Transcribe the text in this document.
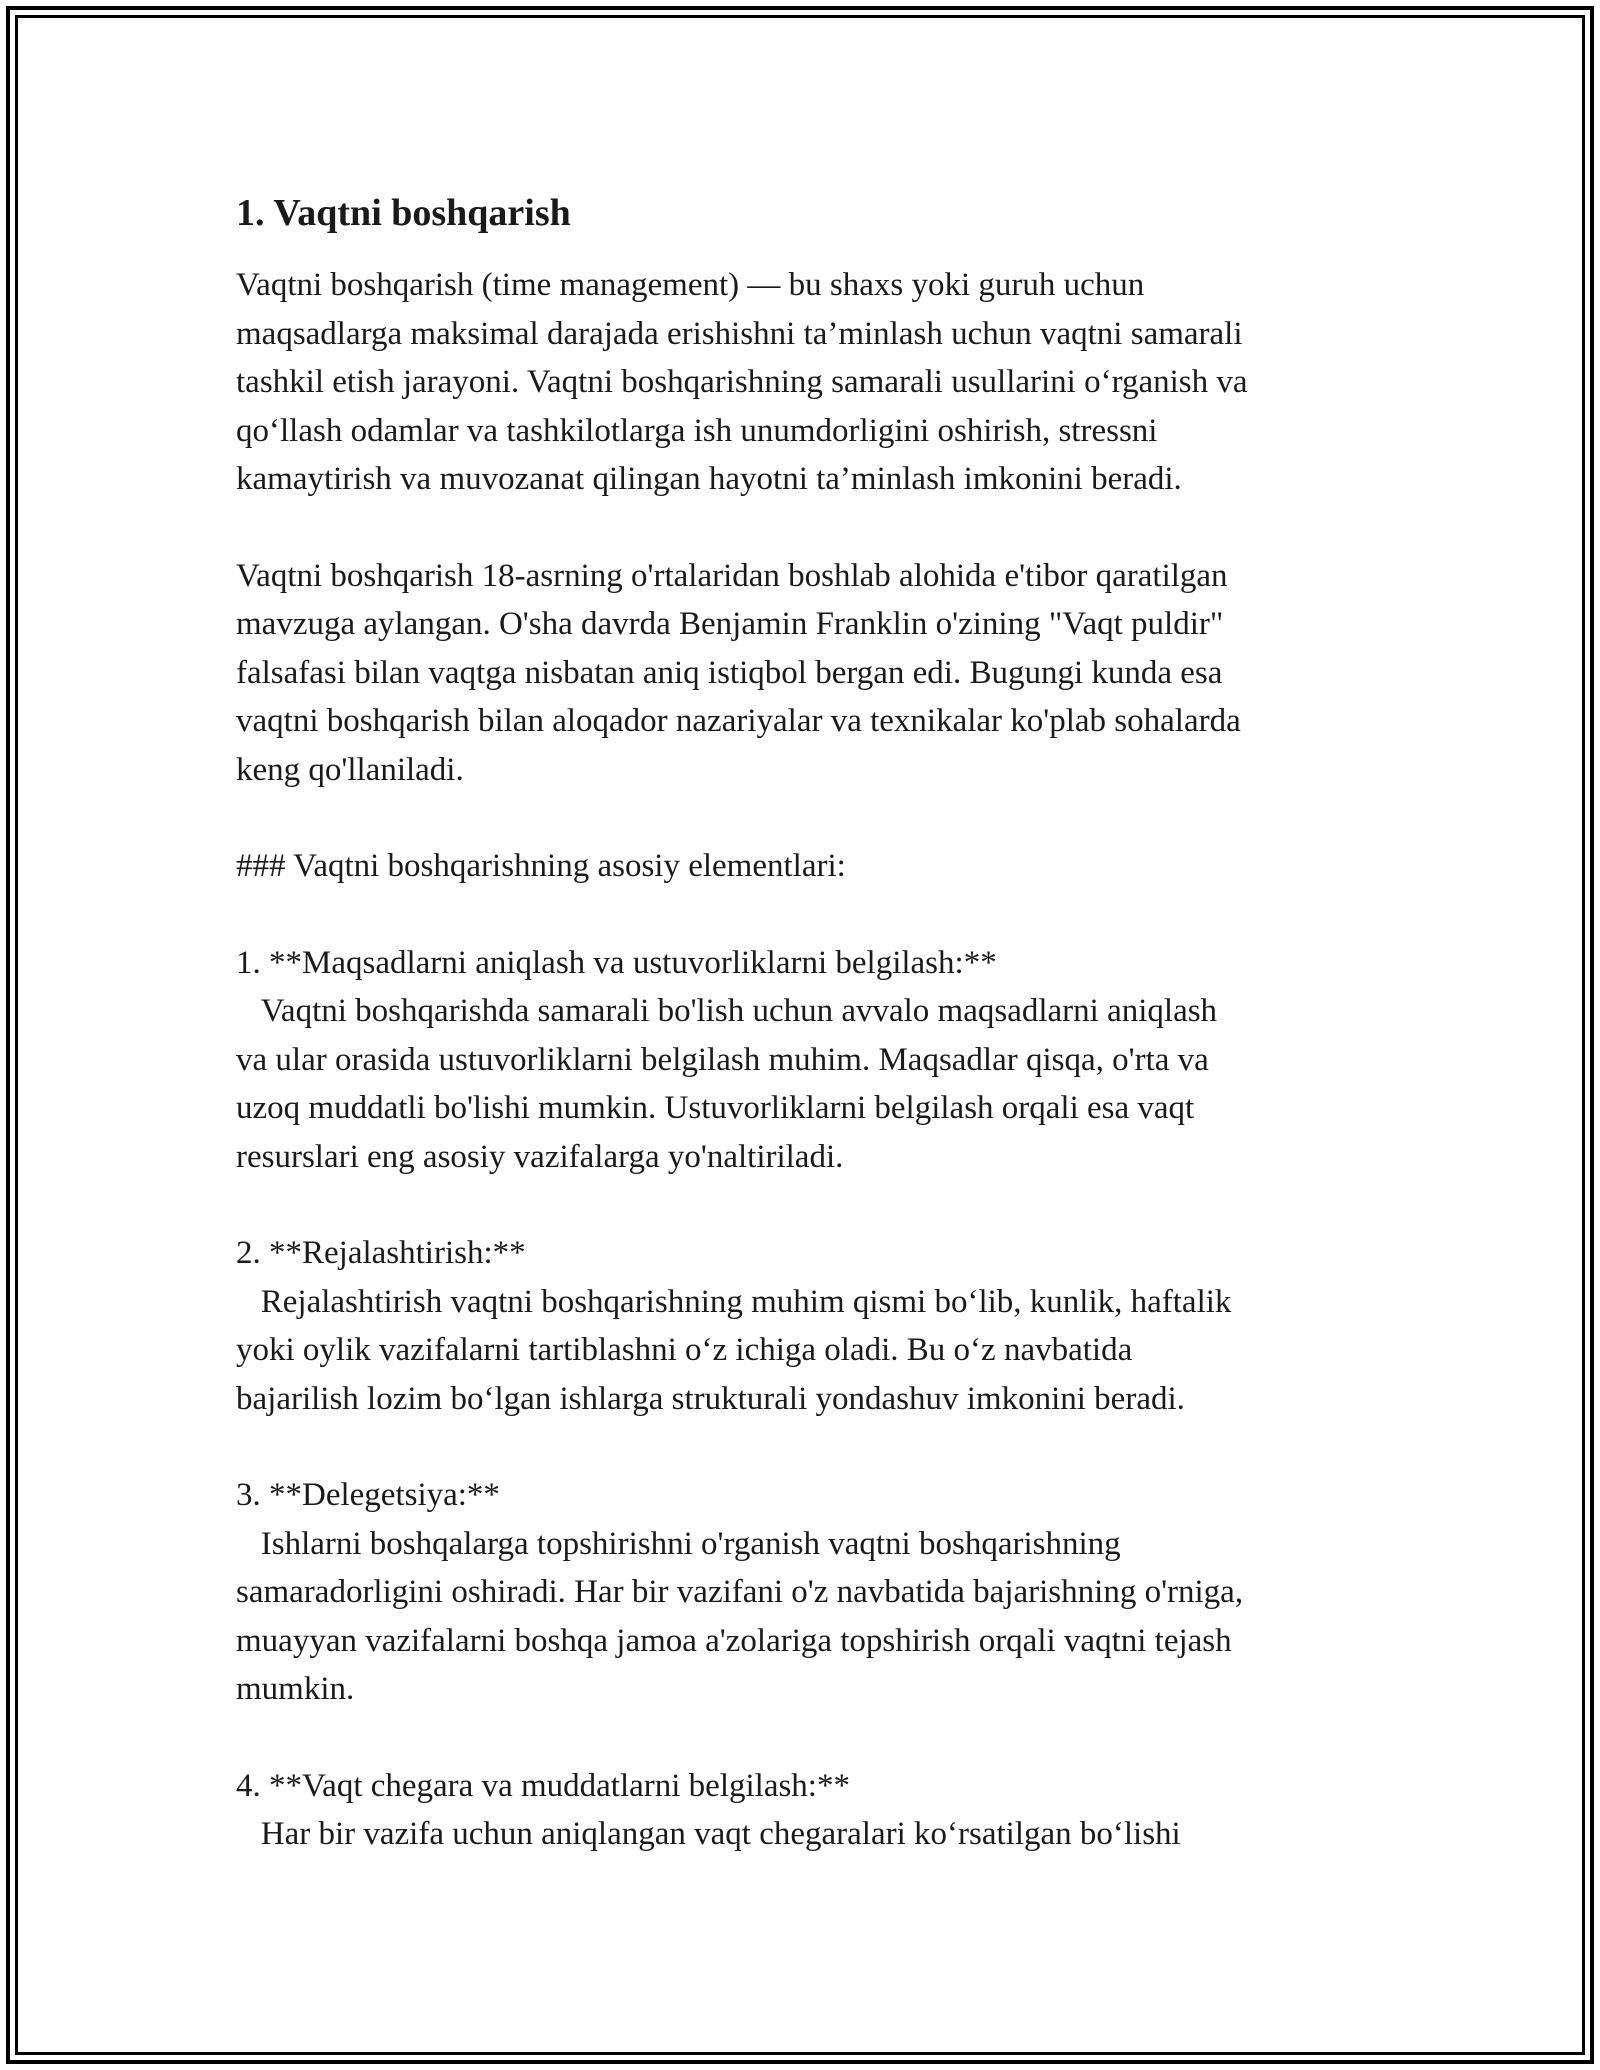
1. Vaqtni boshqarish

Vaqtni boshqarish (time management) — bu shaxs yoki guruh uchun
maqsadlarga maksimal darajada erishishni ta’minlash uchun vaqtni samarali
tashkil etish jarayoni. Vaqtni boshqarishning samarali usullarini o‘rganish va
qo‘llash odamlar va tashkilotlarga ish unumdorligini oshirish, stressni
kamaytirish va muvozanat qilingan hayotni ta’minlash imkonini beradi.

Vaqtni boshqarish 18-asrning o'rtalaridan boshlab alohida e'tibor qaratilgan
mavzuga aylangan. O'sha davrda Benjamin Franklin o'zining "Vaqt puldir"
falsafasi bilan vaqtga nisbatan aniq istiqbol bergan edi. Bugungi kunda esa
vaqtni boshqarish bilan aloqador nazariyalar va texnikalar ko'plab sohalarda
keng qo'llaniladi.

### Vaqtni boshqarishning asosiy elementlari:

1. **Maqsadlarni aniqlash va ustuvorliklarni belgilash:**
Vaqtni boshqarishda samarali bo'lish uchun avvalo maqsadlarni aniqlash
va ular orasida ustuvorliklarni belgilash muhim. Maqsadlar qisqa, o'rta va
uzoq muddatli bo'lishi mumkin. Ustuvorliklarni belgilash orqali esa vaqt
resurslari eng asosiy vazifalarga yo'naltiriladi.

2. **Rejalashtirish:**
Rejalashtirish vaqtni boshqarishning muhim qismi bo‘lib, kunlik, haftalik
yoki oylik vazifalarni tartiblashni o‘z ichiga oladi. Bu o‘z navbatida
bajarilish lozim bo‘lgan ishlarga strukturali yondashuv imkonini beradi.

3. **Delegetsiya:**
Ishlarni boshqalarga topshirishni o'rganish vaqtni boshqarishning
samaradorligini oshiradi. Har bir vazifani o'z navbatida bajarishning o'rniga,
muayyan vazifalarni boshqa jamoa a'zolariga topshirish orqali vaqtni tejash
mumkin.

4. **Vaqt chegara va muddatlarni belgilash:**
Har bir vazifa uchun aniqlangan vaqt chegaralari ko‘rsatilgan bo‘lishi
